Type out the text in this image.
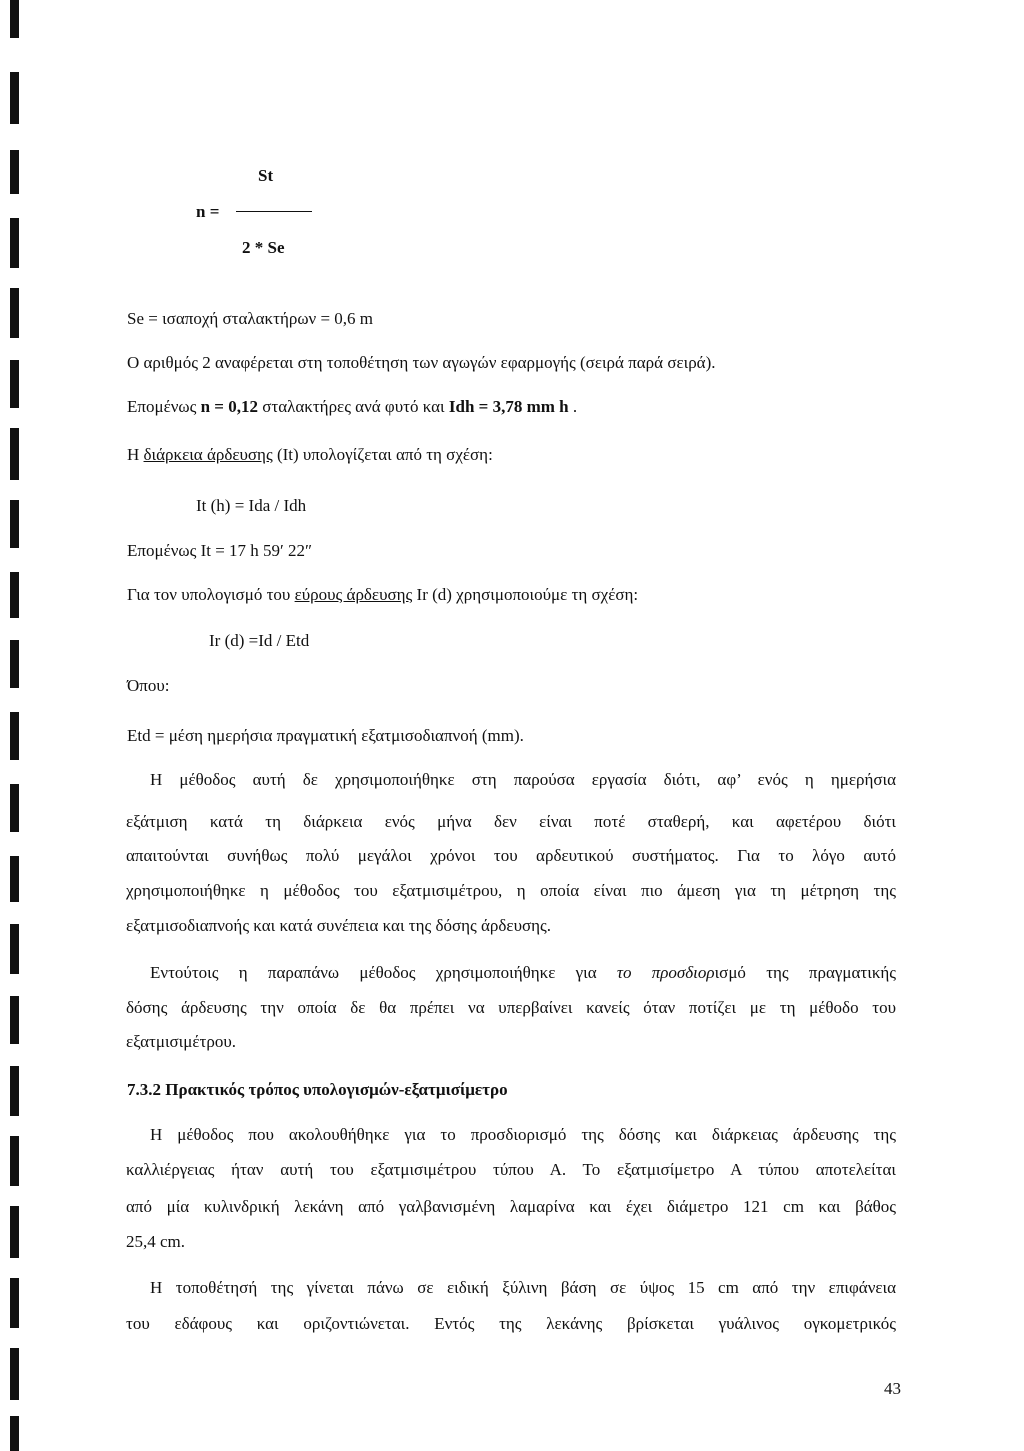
St
n =
2 * Se
Se = ισαποχή σταλακτήρων = 0,6 m
Ο αριθμός 2 αναφέρεται στη τοποθέτηση των αγωγών εφαρμογής (σειρά παρά σειρά).
Επομένως n = 0,12 σταλακτήρες ανά φυτό και Idh = 3,78 mm h .
Η διάρκεια άρδευσης (It) υπολογίζεται από τη σχέση:
It (h) = Ida / Idh
Επομένως It = 17 h 59′ 22″
Για τον υπολογισμό του εύρους άρδευσης Ir (d) χρησιμοποιούμε τη σχέση:
Ir (d) =Id / Etd
Όπου:
Etd = μέση ημερήσια πραγματική εξατμισοδιαπνοή (mm).
Η μέθοδος αυτή δε χρησιμοποιήθηκε στη παρούσα εργασία διότι, αφ’ ενός η ημερήσια
εξάτμιση κατά τη διάρκεια ενός μήνα δεν είναι ποτέ σταθερή, και αφετέρου διότι
απαιτούνται συνήθως πολύ μεγάλοι χρόνοι του αρδευτικού συστήματος. Για το λόγο αυτό
χρησιμοποιήθηκε η μέθοδος του εξατμισιμέτρου, η οποία είναι πιο άμεση για τη μέτρηση της
εξατμισοδιαπνοής και κατά συνέπεια και της δόσης άρδευσης.
Εντούτοις η παραπάνω μέθοδος χρησιμοποιήθηκε για το προσδιορισμό της πραγματικής
δόσης άρδευσης την οποία δε θα πρέπει να υπερβαίνει κανείς όταν ποτίζει με τη μέθοδο του
εξατμισιμέτρου.
7.3.2 Πρακτικός τρόπος υπολογισμών-εξατμισίμετρο
Η μέθοδος που ακολουθήθηκε για το προσδιορισμό της δόσης και διάρκειας άρδευσης της
καλλιέργειας ήταν αυτή του εξατμισιμέτρου τύπου Α. Το εξατμισίμετρο Α τύπου αποτελείται
από μία κυλινδρική λεκάνη από γαλβανισμένη λαμαρίνα και έχει διάμετρο 121 cm και βάθος
25,4 cm.
Η τοποθέτησή της γίνεται πάνω σε ειδική ξύλινη βάση σε ύψος 15 cm από την επιφάνεια
του εδάφους και οριζοντιώνεται. Εντός της λεκάνης βρίσκεται γυάλινος ογκομετρικός
43
